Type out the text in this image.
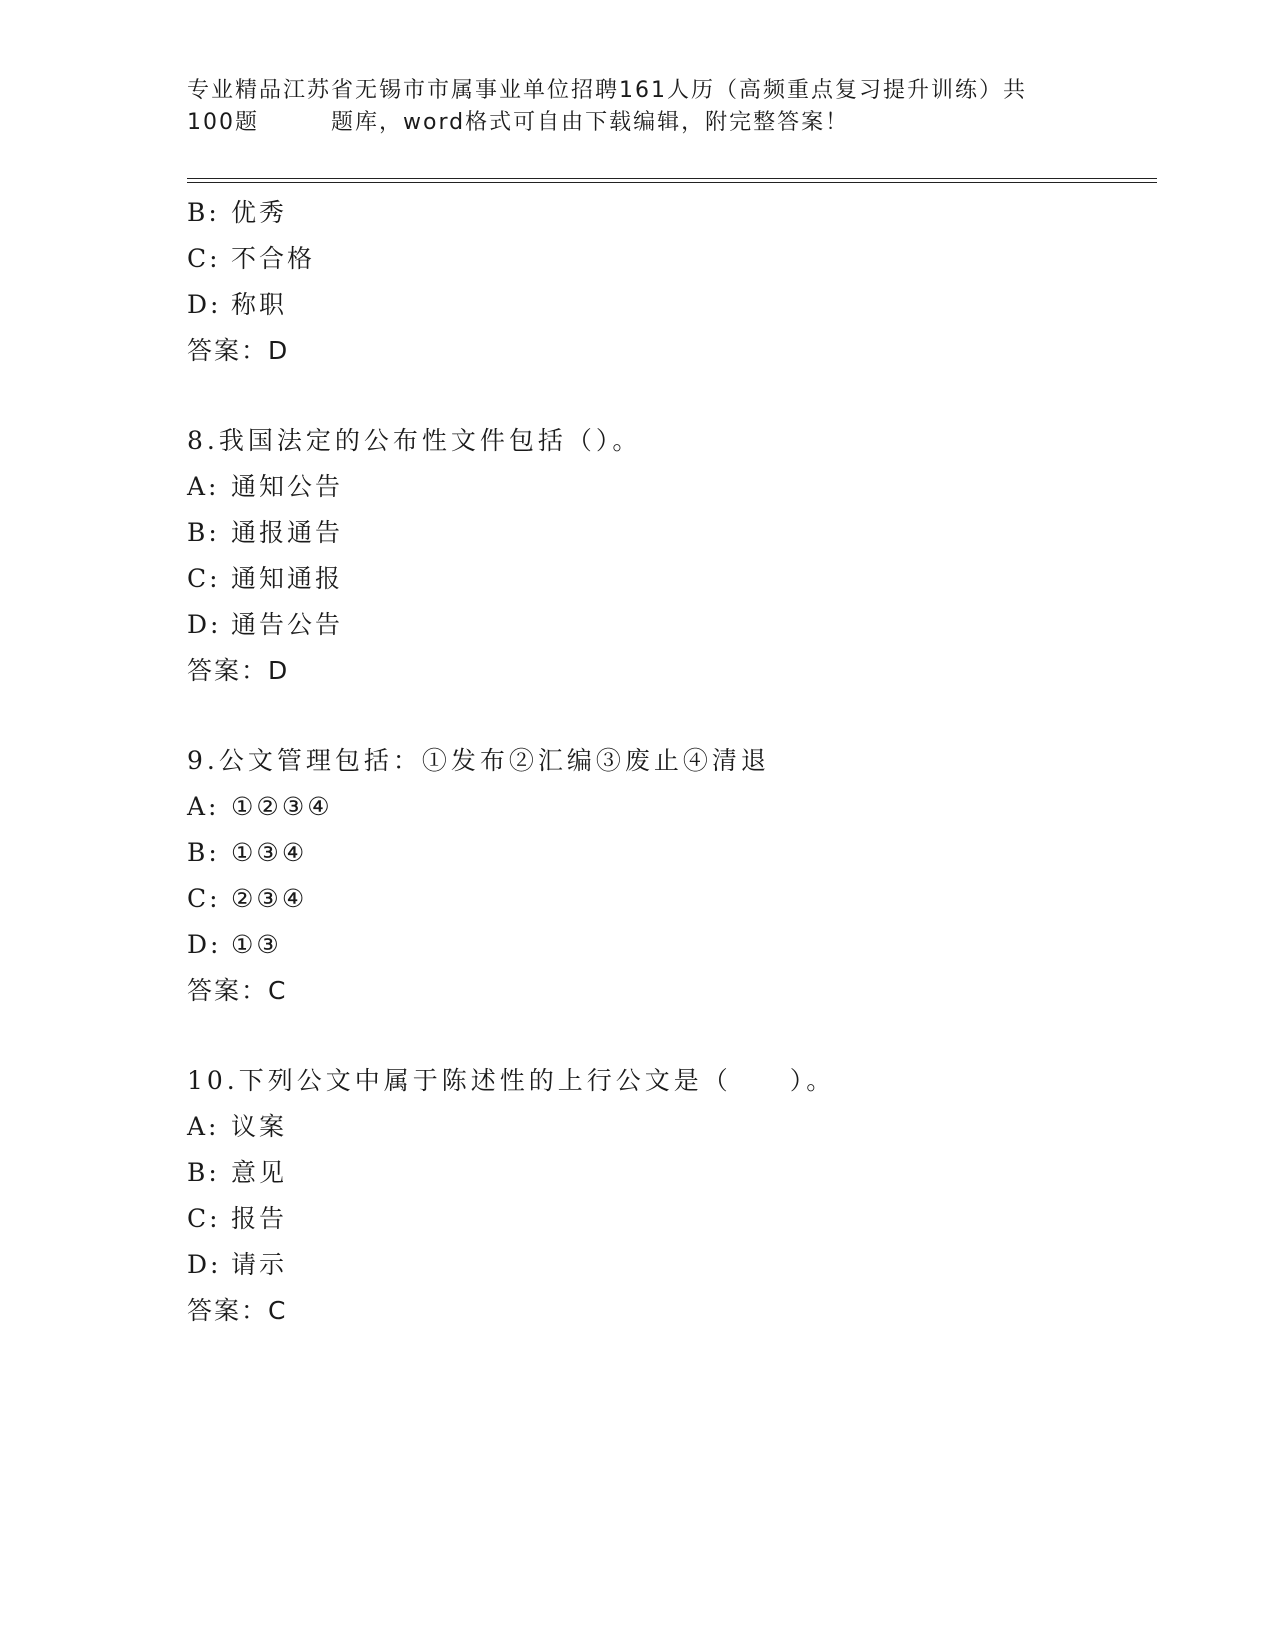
专业精品江苏省无锡市市属事业单位招聘161人历（高频重点复习提升训练）共
100题	题库，word格式可自由下载编辑，附完整答案！
B: 优秀
C: 不合格
D: 称职
答案：D
8.我国法定的公布性文件包括（）。
A: 通知公告
B: 通报通告
C: 通知通报
D: 通告公告
答案：D
9.公文管理包括：①发布②汇编③废止④清退
A: ①②③④
B: ①③④
C: ②③④
D: ①③
答案：C
10.下列公文中属于陈述性的上行公文是（　　）。
A: 议案
B: 意见
C: 报告
D: 请示
答案：C
